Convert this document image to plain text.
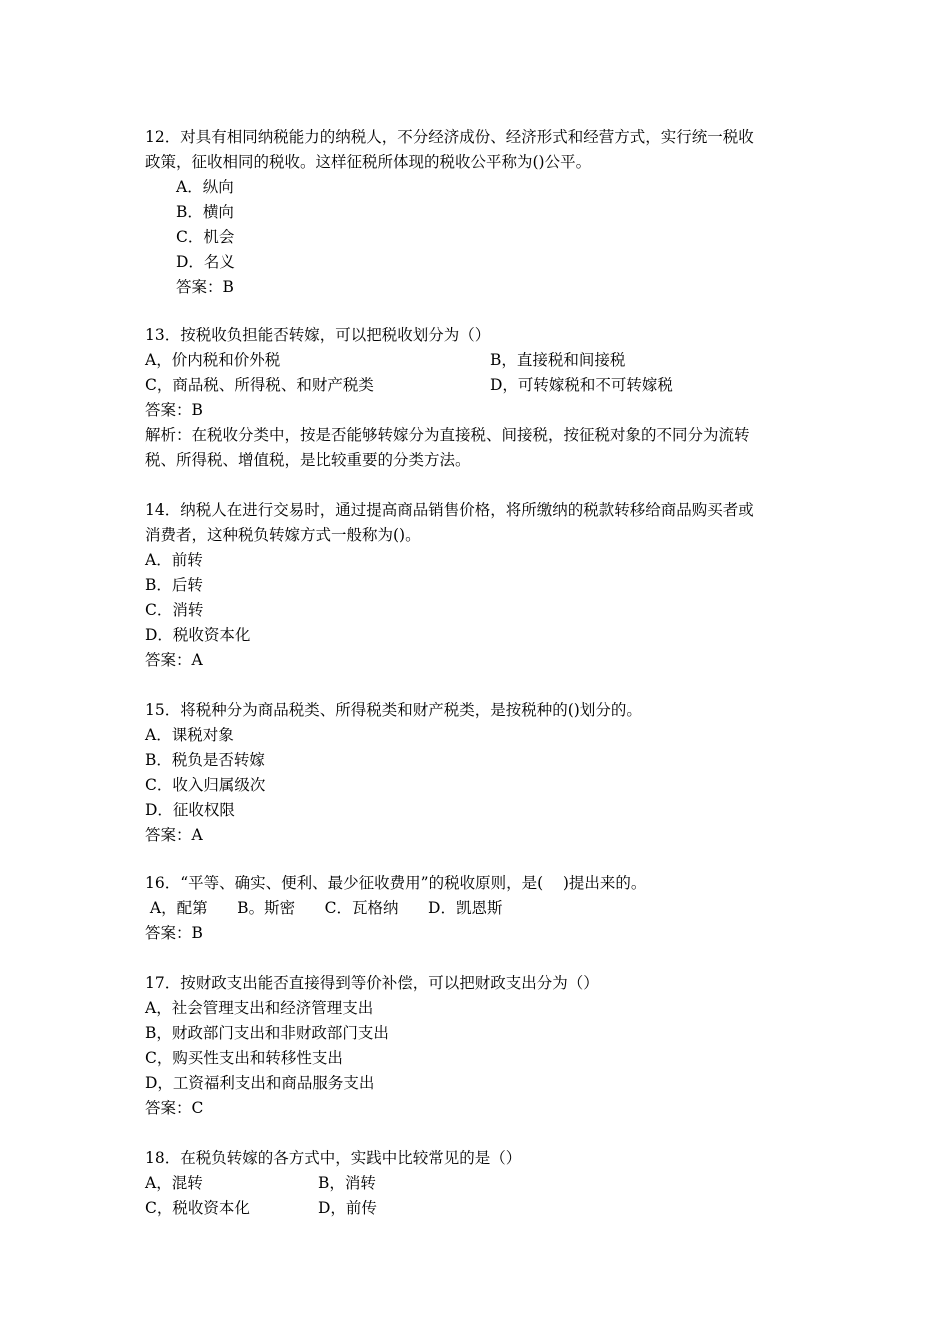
12．对具有相同纳税能力的纳税人，不分经济成份、经济形式和经营方式，实行统一税收
政策，征收相同的税收。这样征税所体现的税收公平称为()公平。
A．纵向
B．横向
C．机会
D．名义
答案：B
13．按税收负担能否转嫁，可以把税收划分为（）
A，价内税和价外税	B，直接税和间接税
C，商品税、所得税、和财产税类	D，可转嫁税和不可转嫁税
答案：B
解析：在税收分类中，按是否能够转嫁分为直接税、间接税，按征税对象的不同分为流转
税、所得税、增值税，是比较重要的分类方法。
14．纳税人在进行交易时，通过提高商品销售价格，将所缴纳的税款转移给商品购买者或
消费者，这种税负转嫁方式一般称为()。
A．前转
B．后转
C．消转
D．税收资本化
答案：A
15．将税种分为商品税类、所得税类和财产税类，是按税种的()划分的。
A．课税对象
B．税负是否转嫁
C．收入归属级次
D．征收权限
答案：A
16．“平等、确实、便利、最少征收费用”的税收原则，是(    )提出来的。
A，配第      B。斯密      C．瓦格纳      D．凯恩斯
答案：B
17．按财政支出能否直接得到等价补偿，可以把财政支出分为（）
A，社会管理支出和经济管理支出
B，财政部门支出和非财政部门支出
C，购买性支出和转移性支出
D，工资福利支出和商品服务支出
答案：C
18．在税负转嫁的各方式中，实践中比较常见的是（）
A，混转	B，消转
C，税收资本化	D，前传
